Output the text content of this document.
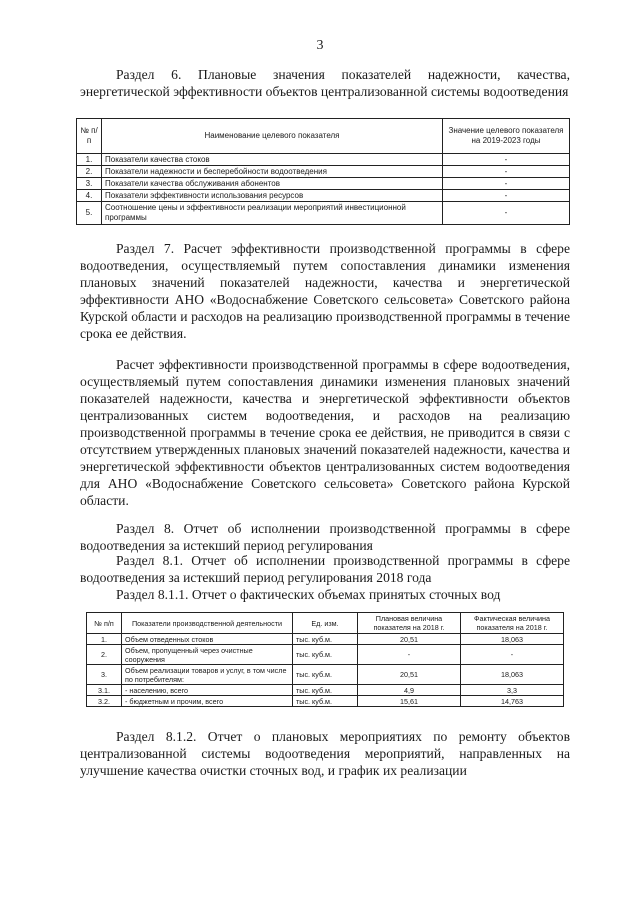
3

Раздел 6. Плановые значения показателей надежности, качества, энергетической эффективности объектов централизованной системы водоотведения

№ п/п	Наименование целевого показателя	Значение целевого показателя на 2019-2023 годы
1.	Показатели качества стоков	-
2.	Показатели надежности и бесперебойности водоотведения	-
3.	Показатели качества обслуживания абонентов	-
4.	Показатели эффективности использования ресурсов	-
5.	Соотношение цены и эффективности реализации мероприятий инвестиционной программы	-

Раздел 7. Расчет эффективности производственной программы в сфере водоотведения, осуществляемый путем сопоставления динамики изменения плановых значений показателей надежности, качества и энергетической эффективности АНО «Водоснабжение Советского сельсовета» Советского района Курской области и расходов на реализацию производственной программы в течение срока ее действия.

Расчет эффективности производственной программы в сфере водоотведения, осуществляемый путем сопоставления динамики изменения плановых значений показателей надежности, качества и энергетической эффективности объектов централизованных систем водоотведения, и расходов на реализацию производственной программы в течение срока ее действия, не приводится в связи с отсутствием утвержденных плановых значений показателей надежности, качества и энергетической эффективности объектов централизованных систем водоотведения для АНО «Водоснабжение Советского сельсовета» Советского района Курской области.

Раздел 8. Отчет об исполнении производственной программы в сфере водоотведения за истекший период регулирования

Раздел 8.1. Отчет об исполнении производственной программы в сфере водоотведения за истекший период регулирования 2018 года

Раздел 8.1.1. Отчет о фактических объемах принятых сточных вод

№ п/п	Показатели производственной деятельности	Ед. изм.	Плановая величина показателя на 2018 г.	Фактическая величина показателя на 2018 г.
1.	Объем отведенных стоков	тыс. куб.м.	20,51	18,063
2.	Объем, пропущенный через очистные сооружения	тыс. куб.м.	-	-
3.	Объем реализации товаров и услуг, в том числе по потребителям:	тыс. куб.м.	20,51	18,063
3.1.	- населению, всего	тыс. куб.м.	4,9	3,3
3.2.	- бюджетным и прочим, всего	тыс. куб.м.	15,61	14,763

Раздел 8.1.2. Отчет о плановых мероприятиях по ремонту объектов централизованной системы водоотведения мероприятий, направленных на улучшение качества очистки сточных вод, и график их реализации
